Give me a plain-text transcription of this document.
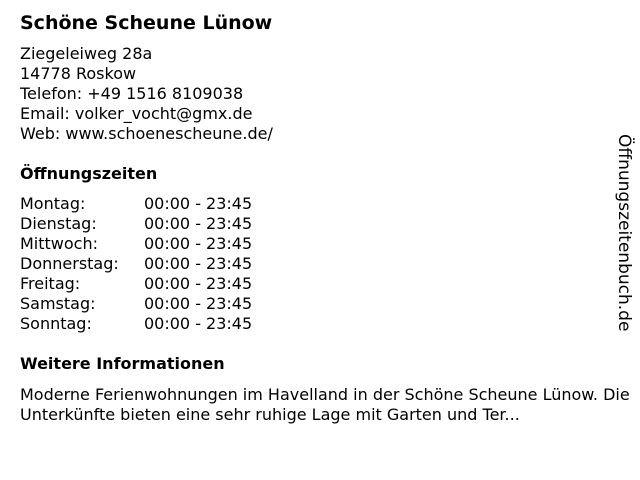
Schöne Scheune Lünow
Ziegeleiweg 28a
14778 Roskow
Telefon: +49 1516 8109038
Email: volker_vocht@gmx.de
Web: www.schoenescheune.de/
Öffnungszeiten
Montag:	00:00 - 23:45
Dienstag:	00:00 - 23:45
Mittwoch:	00:00 - 23:45
Donnerstag: 00:00 - 23:45
Freitag:	00:00 - 23:45
Samstag:	00:00 - 23:45
Sonntag:	00:00 - 23:45
Weitere Informationen
Moderne Ferienwohnungen im Havelland in der Schöne Scheune Lünow. Die Unterkünfte bieten eine sehr ruhige Lage mit Garten und Ter...
Öffnungszeitenbuch.de
